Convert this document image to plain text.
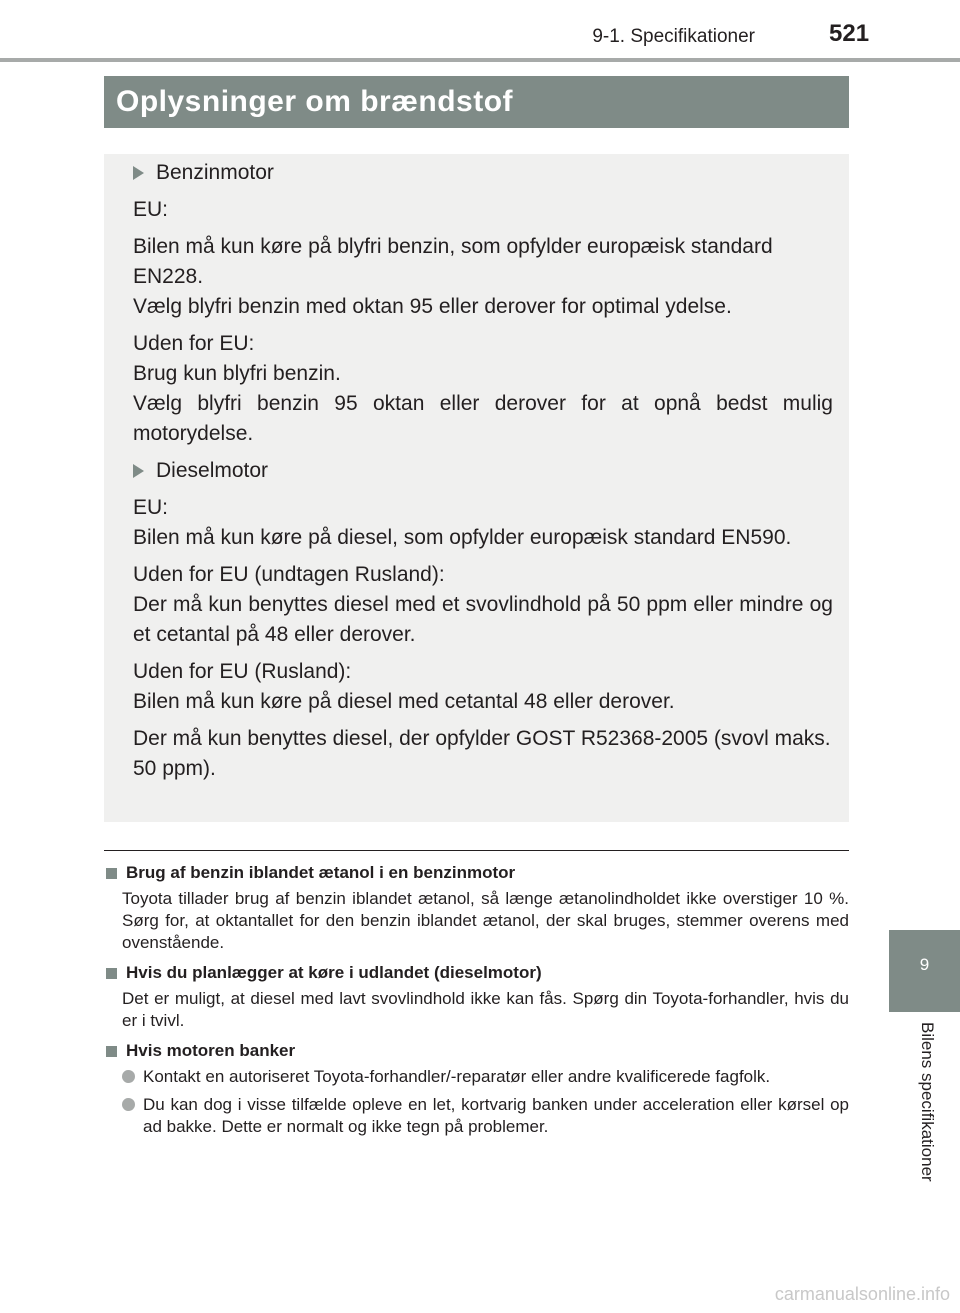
9-1. Specifikationer	521
Oplysninger om brændstof

Benzinmotor

EU:

Bilen må kun køre på blyfri benzin, som opfylder europæisk standard EN228.

Vælg blyfri benzin med oktan 95 eller derover for optimal ydelse.

Uden for EU:

Brug kun blyfri benzin.

Vælg blyfri benzin 95 oktan eller derover for at opnå bedst mulig motorydelse.

Dieselmotor

EU:

Bilen må kun køre på diesel, som opfylder europæisk standard EN590.

Uden for EU (undtagen Rusland):

Der må kun benyttes diesel med et svovlindhold på 50 ppm eller mindre og et cetantal på 48 eller derover.

Uden for EU (Rusland):

Bilen må kun køre på diesel med cetantal 48 eller derover.

Der må kun benyttes diesel, der opfylder GOST R52368-2005 (svovl maks. 50 ppm).

Brug af benzin iblandet ætanol i en benzinmotor

Toyota tillader brug af benzin iblandet ætanol, så længe ætanolindholdet ikke overstiger 10 %. Sørg for, at oktantallet for den benzin iblandet ætanol, der skal bruges, stemmer overens med ovenstående.

Hvis du planlægger at køre i udlandet (dieselmotor)

Det er muligt, at diesel med lavt svovlindhold ikke kan fås. Spørg din Toyota-forhandler, hvis du er i tvivl.

Hvis motoren banker

Kontakt en autoriseret Toyota-forhandler/-reparatør eller andre kvalificerede fagfolk.
Du kan dog i visse tilfælde opleve en let, kortvarig banken under acceleration eller kørsel op ad bakke. Dette er normalt og ikke tegn på problemer.
9
Bilens specifikationer
carmanualsonline.info
